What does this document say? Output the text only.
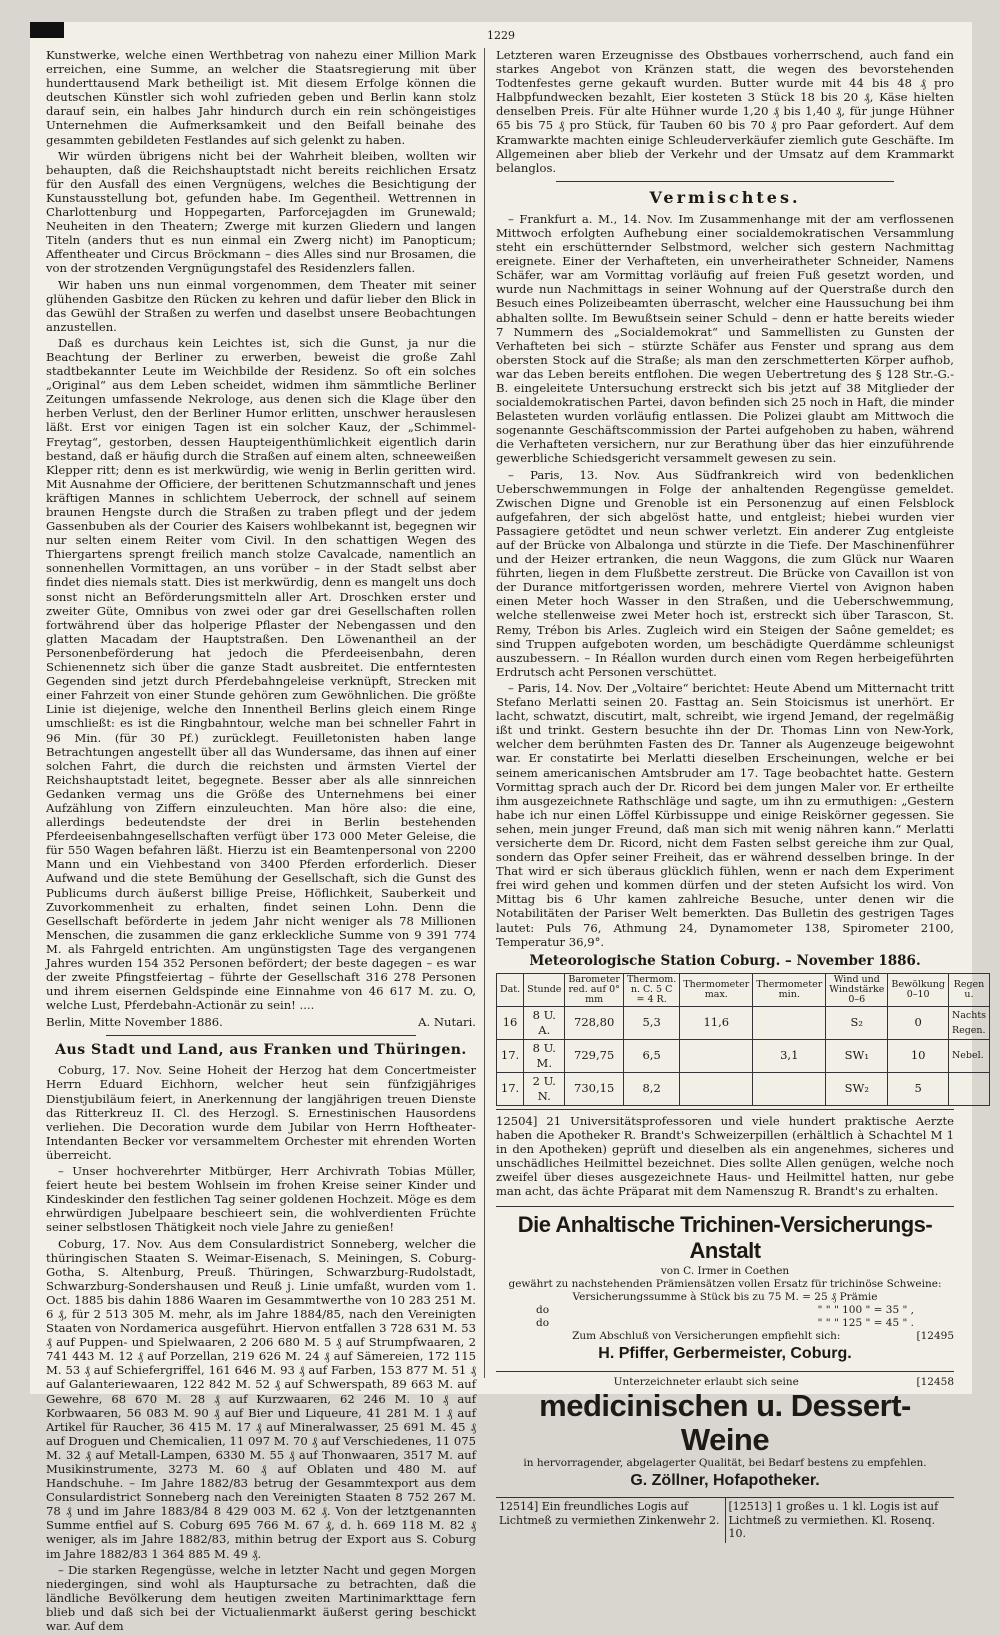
1229

Kunstwerke, welche einen Werthbetrag von nahezu einer Million Mark erreichen, eine Summe, an welcher die Staatsregierung mit über hunderttausend Mark betheiligt ist. Mit diesem Erfolge können die deutschen Künstler sich wohl zufrieden geben und Berlin kann stolz darauf sein, ein halbes Jahr hindurch durch ein rein schöngeistiges Unternehmen die Aufmerksamkeit und den Beifall beinahe des gesammten gebildeten Festlandes auf sich gelenkt zu haben.

Wir würden übrigens nicht bei der Wahrheit bleiben, wollten wir behaupten, daß die Reichshauptstadt nicht bereits reichlichen Ersatz für den Ausfall des einen Vergnügens, welches die Besichtigung der Kunstausstellung bot, gefunden habe. Im Gegentheil. Wettrennen in Charlottenburg und Hoppegarten, Parforcejagden im Grunewald; Neuheiten in den Theatern; Zwerge mit kurzen Gliedern und langen Titeln (anders thut es nun einmal ein Zwerg nicht) im Panopticum; Affentheater und Circus Bröckmann – dies Alles sind nur Brosamen, die von der strotzenden Vergnügungstafel des Residenzlers fallen.

Wir haben uns nun einmal vorgenommen, dem Theater mit seiner glühenden Gasbitze den Rücken zu kehren und dafür lieber den Blick in das Gewühl der Straßen zu werfen und daselbst unsere Beobachtungen anzustellen.

Daß es durchaus kein Leichtes ist, sich die Gunst, ja nur die Beachtung der Berliner zu erwerben, beweist die große Zahl stadtbekannter Leute im Weichbilde der Residenz. So oft ein solches „Original“ aus dem Leben scheidet, widmen ihm sämmtliche Berliner Zeitungen umfassende Nekrologe, aus denen sich die Klage über den herben Verlust, den der Berliner Humor erlitten, unschwer herauslesen läßt. Erst vor einigen Tagen ist ein solcher Kauz, der „Schimmel-Freytag“, gestorben, dessen Haupteigenthümlichkeit eigentlich darin bestand, daß er häufig durch die Straßen auf einem alten, schneeweißen Klepper ritt; denn es ist merkwürdig, wie wenig in Berlin geritten wird. Mit Ausnahme der Officiere, der berittenen Schutzmannschaft und jenes kräftigen Mannes in schlichtem Ueberrock, der schnell auf seinem braunen Hengste durch die Straßen zu traben pflegt und der jedem Gassenbuben als der Courier des Kaisers wohlbekannt ist, begegnen wir nur selten einem Reiter vom Civil. In den schattigen Wegen des Thiergartens sprengt freilich manch stolze Cavalcade, namentlich an sonnenhellen Vormittagen, an uns vorüber – in der Stadt selbst aber findet dies niemals statt. Dies ist merkwürdig, denn es mangelt uns doch sonst nicht an Beförderungsmitteln aller Art. Droschken erster und zweiter Güte, Omnibus von zwei oder gar drei Gesellschaften rollen fortwährend über das holperige Pflaster der Nebengassen und den glatten Macadam der Hauptstraßen. Den Löwenantheil an der Personenbeförderung hat jedoch die Pferdeeisenbahn, deren Schienennetz sich über die ganze Stadt ausbreitet. Die entferntesten Gegenden sind jetzt durch Pferdebahngeleise verknüpft, Strecken mit einer Fahrzeit von einer Stunde gehören zum Gewöhnlichen. Die größte Linie ist diejenige, welche den Innentheil Berlins gleich einem Ringe umschließt: es ist die Ringbahntour, welche man bei schneller Fahrt in 96 Min. (für 30 Pf.) zurücklegt. Feuilletonisten haben lange Betrachtungen angestellt über all das Wundersame, das ihnen auf einer solchen Fahrt, die durch die reichsten und ärmsten Viertel der Reichshauptstadt leitet, begegnete. Besser aber als alle sinnreichen Gedanken vermag uns die Größe des Unternehmens bei einer Aufzählung von Ziffern einzuleuchten. Man höre also: die eine, allerdings bedeutendste der drei in Berlin bestehenden Pferdeeisenbahngesellschaften verfügt über 173 000 Meter Geleise, die für 550 Wagen befahren läßt. Hierzu ist ein Beamtenpersonal von 2200 Mann und ein Viehbestand von 3400 Pferden erforderlich. Dieser Aufwand und die stete Bemühung der Gesellschaft, sich die Gunst des Publicums durch äußerst billige Preise, Höflichkeit, Sauberkeit und Zuvorkommenheit zu erhalten, findet seinen Lohn. Denn die Gesellschaft beförderte in jedem Jahr nicht weniger als 78 Millionen Menschen, die zusammen die ganz erkleckliche Summe von 9 391 774 M. als Fahrgeld entrichten. Am ungünstigsten Tage des vergangenen Jahres wurden 154 352 Personen befördert; der beste dagegen – es war der zweite Pfingstfeiertag – führte der Gesellschaft 316 278 Personen und ihrem eisernen Geldspinde eine Einnahme von 46 617 M. zu. O, welche Lust, Pferdebahn-Actionär zu sein! ....

Berlin, Mitte November 1886.	A. Nutari.
Aus Stadt und Land, aus Franken und Thüringen.

Coburg, 17. Nov. Seine Hoheit der Herzog hat dem Concertmeister Herrn Eduard Eichhorn, welcher heut sein fünfzigjähriges Dienstjubiläum feiert, in Anerkennung der langjährigen treuen Dienste das Ritterkreuz II. Cl. des Herzogl. S. Ernestinischen Hausordens verliehen. Die Decoration wurde dem Jubilar von Herrn Hoftheater-Intendanten Becker vor versammeltem Orchester mit ehrenden Worten überreicht.

– Unser hochverehrter Mitbürger, Herr Archivrath Tobias Müller, feiert heute bei bestem Wohlsein im frohen Kreise seiner Kinder und Kindeskinder den festlichen Tag seiner goldenen Hochzeit. Möge es dem ehrwürdigen Jubelpaare beschieert sein, die wohlverdienten Früchte seiner selbstlosen Thätigkeit noch viele Jahre zu genießen!

Coburg, 17. Nov. Aus dem Consulardistrict Sonneberg, welcher die thüringischen Staaten S. Weimar-Eisenach, S. Meiningen, S. Coburg-Gotha, S. Altenburg, Preuß. Thüringen, Schwarzburg-Rudolstadt, Schwarzburg-Sondershausen und Reuß j. Linie umfaßt, wurden vom 1. Oct. 1885 bis dahin 1886 Waaren im Gesammtwerthe von 10 283 251 M. 6 ₰, für 2 513 305 M. mehr, als im Jahre 1884/85, nach den Vereinigten Staaten von Nordamerica ausgeführt. Hiervon entfallen 3 728 631 M. 53 ₰ auf Puppen- und Spielwaaren, 2 206 680 M. 5 ₰ auf Strumpfwaaren, 2 741 443 M. 12 ₰ auf Porzellan, 219 626 M. 24 ₰ auf Sämereien, 172 115 M. 53 ₰ auf Schiefergriffel, 161 646 M. 93 ₰ auf Farben, 153 877 M. 51 ₰ auf Galanteriewaaren, 122 842 M. 52 ₰ auf Schwerspath, 89 663 M. auf Gewehre, 68 670 M. 28 ₰ auf Kurzwaaren, 62 246 M. 10 ₰ auf Korbwaaren, 56 083 M. 90 ₰ auf Bier und Liqueure, 41 281 M. 1 ₰ auf Artikel für Raucher, 36 415 M. 17 ₰ auf Mineralwasser, 25 691 M. 45 ₰ auf Droguen und Chemicalien, 11 097 M. 70 ₰ auf Verschiedenes, 11 075 M. 32 ₰ auf Metall-Lampen, 6330 M. 55 ₰ auf Thonwaaren, 3517 M. auf Musikinstrumente, 3273 M. 60 ₰ auf Oblaten und 480 M. auf Handschuhe. – Im Jahre 1882/83 betrug der Gesammtexport aus dem Consulardistrict Sonneberg nach den Vereinigten Staaten 8 752 267 M. 78 ₰ und im Jahre 1883/84 8 429 003 M. 62 ₰. Von der letztgenannten Summe entfiel auf S. Coburg 695 766 M. 67 ₰, d. h. 669 118 M. 82 ₰ weniger, als im Jahre 1882/83, mithin betrug der Export aus S. Coburg im Jahre 1882/83 1 364 885 M. 49 ₰.

– Die starken Regengüsse, welche in letzter Nacht und gegen Morgen niedergingen, sind wohl als Hauptursache zu betrachten, daß die ländliche Bevölkerung dem heutigen zweiten Martinimarkttage fern blieb und daß sich bei der Victualienmarkt äußerst gering beschickt war. Auf dem

Letzteren waren Erzeugnisse des Obstbaues vorherrschend, auch fand ein starkes Angebot von Kränzen statt, die wegen des bevorstehenden Todtenfestes gerne gekauft wurden. Butter wurde mit 44 bis 48 ₰ pro Halbpfundwecken bezahlt, Eier kosteten 3 Stück 18 bis 20 ₰, Käse hielten denselben Preis. Für alte Hühner wurde 1,20 ₰ bis 1,40 ₰, für junge Hühner 65 bis 75 ₰ pro Stück, für Tauben 60 bis 70 ₰ pro Paar gefordert. Auf dem Kramwarkte machten einige Schleuderverkäufer ziemlich gute Geschäfte. Im Allgemeinen aber blieb der Verkehr und der Umsatz auf dem Krammarkt belanglos.

Vermischtes.

– Frankfurt a. M., 14. Nov. Im Zusammenhange mit der am verflossenen Mittwoch erfolgten Aufhebung einer socialdemokratischen Versammlung steht ein erschütternder Selbstmord, welcher sich gestern Nachmittag ereignete. Einer der Verhafteten, ein unverheiratheter Schneider, Namens Schäfer, war am Vormittag vorläufig auf freien Fuß gesetzt worden, und wurde nun Nachmittags in seiner Wohnung auf der Querstraße durch den Besuch eines Polizeibeamten überrascht, welcher eine Haussuchung bei ihm abhalten sollte. Im Bewußtsein seiner Schuld – denn er hatte bereits wieder 7 Nummern des „Socialdemokrat“ und Sammellisten zu Gunsten der Verhafteten bei sich – stürzte Schäfer aus Fenster und sprang aus dem obersten Stock auf die Straße; als man den zerschmetterten Körper aufhob, war das Leben bereits entflohen. Die wegen Uebertretung des § 128 Str.-G.-B. eingeleitete Untersuchung erstreckt sich bis jetzt auf 38 Mitglieder der socialdemokratischen Partei, davon befinden sich 25 noch in Haft, die minder Belasteten wurden vorläufig entlassen. Die Polizei glaubt am Mittwoch die sogenannte Geschäftscommission der Partei aufgehoben zu haben, während die Verhafteten versichern, nur zur Berathung über das hier einzuführende gewerbliche Schiedsgericht versammelt gewesen zu sein.

– Paris, 13. Nov. Aus Südfrankreich wird von bedenklichen Ueberschwemmungen in Folge der anhaltenden Regengüsse gemeldet. Zwischen Digne und Grenoble ist ein Personenzug auf einen Felsblock aufgefahren, der sich abgelöst hatte, und entgleist; hiebei wurden vier Passagiere getödtet und neun schwer verletzt. Ein anderer Zug entgleiste auf der Brücke von Albalonga und stürzte in die Tiefe. Der Maschinenführer und der Heizer ertranken, die neun Waggons, die zum Glück nur Waaren führten, liegen in dem Flußbette zerstreut. Die Brücke von Cavaillon ist von der Durance mitfortgerissen worden, mehrere Viertel von Avignon haben einen Meter hoch Wasser in den Straßen, und die Ueberschwemmung, welche stellenweise zwei Meter hoch ist, erstreckt sich über Tarascon, St. Remy, Trébon bis Arles. Zugleich wird ein Steigen der Saône gemeldet; es sind Truppen aufgeboten worden, um beschädigte Querdämme schleunigst auszubessern. – In Réallon wurden durch einen vom Regen herbeigeführten Erdrutsch acht Personen verschüttet.

– Paris, 14. Nov. Der „Voltaire“ berichtet: Heute Abend um Mitternacht tritt Stefano Merlatti seinen 20. Fasttag an. Sein Stoicismus ist unerhört. Er lacht, schwatzt, discutirt, malt, schreibt, wie irgend Jemand, der regelmäßig ißt und trinkt. Gestern besuchte ihn der Dr. Thomas Linn von New-York, welcher dem berühmten Fasten des Dr. Tanner als Augenzeuge beigewohnt war. Er constatirte bei Merlatti dieselben Erscheinungen, welche er bei seinem americanischen Amtsbruder am 17. Tage beobachtet hatte. Gestern Vormittag sprach auch der Dr. Ricord bei dem jungen Maler vor. Er ertheilte ihm ausgezeichnete Rathschläge und sagte, um ihn zu ermuthigen: „Gestern habe ich nur einen Löffel Kürbissuppe und einige Reiskörner gegessen. Sie sehen, mein junger Freund, daß man sich mit wenig nähren kann.“ Merlatti versicherte dem Dr. Ricord, nicht dem Fasten selbst gereiche ihm zur Qual, sondern das Opfer seiner Freiheit, das er während desselben bringe. In der That wird er sich überaus glücklich fühlen, wenn er nach dem Experiment frei wird gehen und kommen dürfen und der steten Aufsicht los wird. Von Mittag bis 6 Uhr kamen zahlreiche Besuche, unter denen wir die Notabilitäten der Pariser Welt bemerkten. Das Bulletin des gestrigen Tages lautet: Puls 76, Athmung 24, Dynamometer 138, Spirometer 2100, Temperatur 36,9°.

Meteorologische Station Coburg. – November 1886.
Dat.	Stunde	Barometer red. auf 0° mm	Thermom. n. C. 5 C = 4 R.	Thermometer max.	Thermometer min.	Wind und Windstärke 0–6	Bewölkung 0–10	Regen u.
16	8 U. A.	728,80	5,3	11,6		S₂	0	Nachts Regen.
17.	8 U. M.	729,75	6,5		3,1	SW₁	10	Nebel.
17.	2 U. N.	730,15	8,2			SW₂	5	

12504] 21 Universitätsprofessoren und viele hundert praktische Aerzte haben die Apotheker R. Brandt's Schweizerpillen (erhältlich à Schachtel M 1 in den Apotheken) geprüft und dieselben als ein angenehmes, sicheres und unschädliches Heilmittel bezeichnet. Dies sollte Allen genügen, welche noch zweifel über dieses ausgezeichnete Haus- und Heilmittel hatten, nur gebe man acht, das ächte Präparat mit dem Namenszug R. Brandt's zu erhalten.

Die Anhaltische Trichinen-Versicherungs-Anstalt

von C. Irmer in Coethen

gewährt zu nachstehenden Prämiensätzen vollen Ersatz für trichinöse Schweine: Versicherungssumme à Stück bis zu 75 M. = 25 ₰ Prämie

do	" " " 100 " = 35 " ,
do	" " " 125 " = 45 " .

Zum Abschluß von Versicherungen empfiehlt sich:	[12495

H. Pfiffer, Gerbermeister, Coburg.

Unterzeichneter erlaubt sich seine	[12458

medicinischen u. Dessert-Weine

in hervorragender, abgelagerter Qualität, bei Bedarf bestens zu empfehlen.

G. Zöllner, Hofapotheker.
12514] Ein freundliches Logis auf Lichtmeß zu vermiethen Zinkenwehr 2.
[12513] 1 großes u. 1 kl. Logis ist auf Lichtmeß zu vermiethen. Kl. Rosenq. 10.
